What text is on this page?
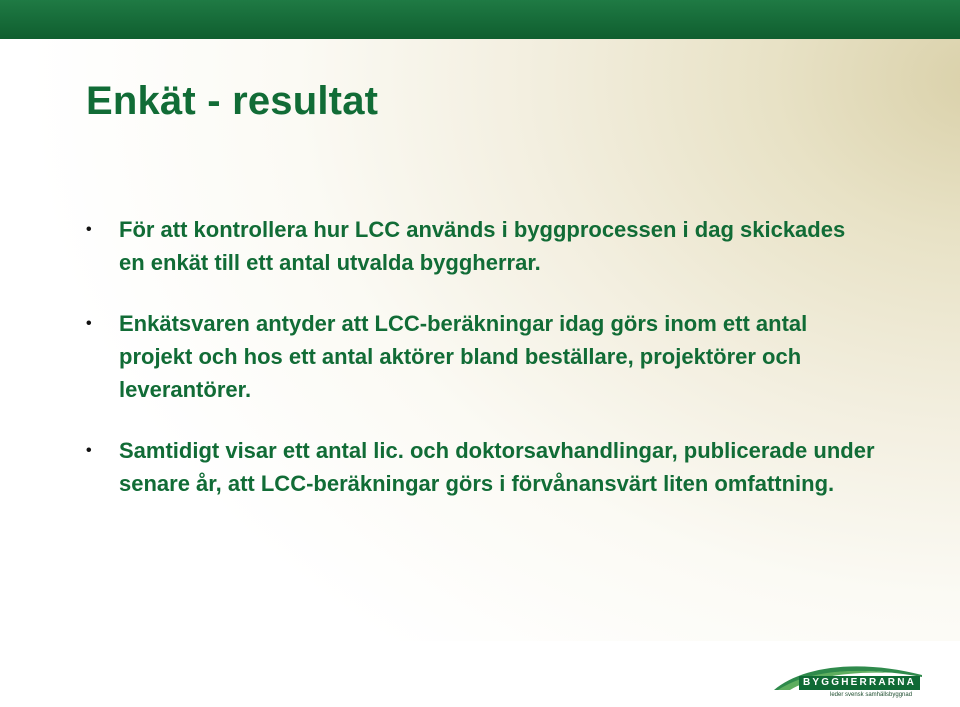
Enkät - resultat
• För att kontrollera hur LCC används i byggprocessen i dag skickades en enkät till ett antal utvalda byggherrar.
• Enkätsvaren antyder att LCC-beräkningar idag görs inom ett antal projekt och hos ett antal aktörer bland beställare, projektörer och leverantörer.
• Samtidigt visar ett antal lic. och doktorsavhandlingar, publicerade under senare år, att LCC-beräkningar görs i förvånansvärt liten omfattning.
BYGGHERRARNA
leder svensk samhällsbyggnad
